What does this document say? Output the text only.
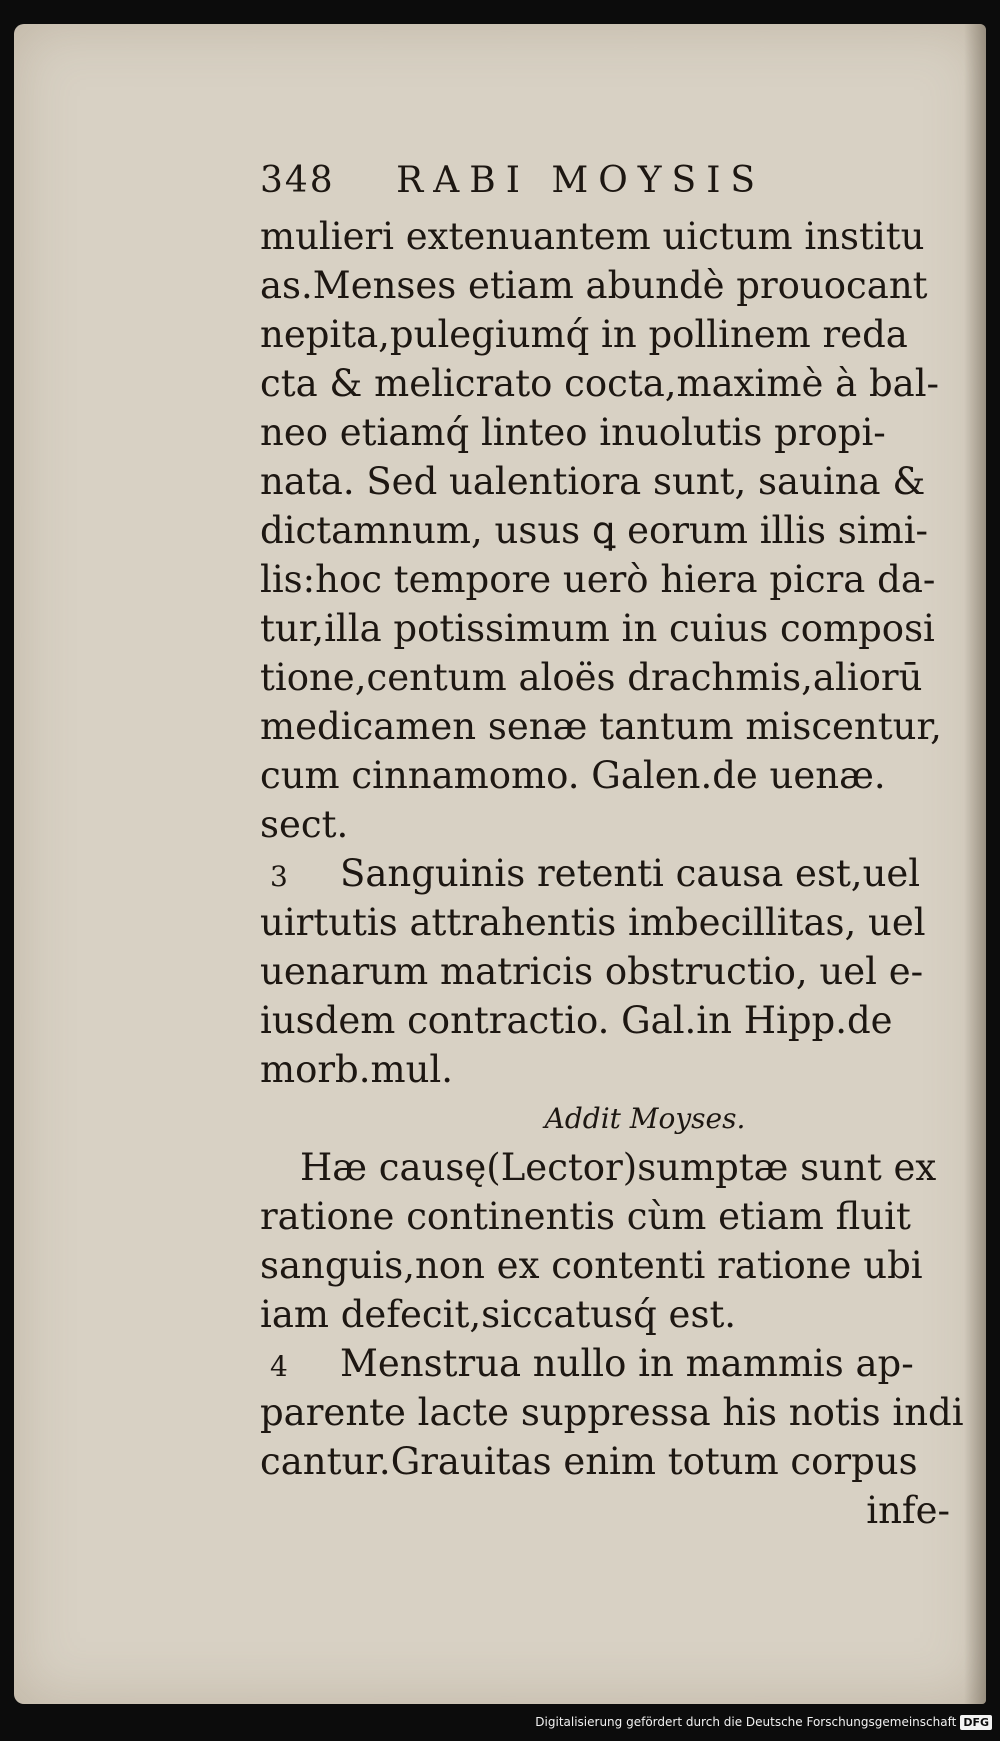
348 RABI MOYSIS
mulieri extenuantem uictum institu
as.Menses etiam abundè prouocant
nepita,pulegiumq́ in pollinem reda
cta & melicrato cocta,maximè à bal-
neo etiamq́ linteo inuolutis propi-
nata. Sed ualentiora sunt, sauina &
dictamnum, usus ꝗ eorum illis simi-
lis:hoc tempore uerò hiera picra da-
tur,illa potissimum in cuius composi
tione,centum aloës drachmis,aliorū
medicamen senæ tantum miscentur,
cum cinnamomo. Galen.de uenæ.
sect.
3 Sanguinis retenti causa est,uel
uirtutis attrahentis imbecillitas, uel
uenarum matricis obstructio, uel e-
iusdem contractio. Gal.in Hipp.de
morb.mul.
Addit Moyses.
Hæ causę(Lector)sumptæ sunt ex
ratione continentis cùm etiam fluit
sanguis,non ex contenti ratione ubi
iam defecit,siccatusq́ est.
4 Menstrua nullo in mammis ap-
parente lacte suppressa his notis indi
cantur.Grauitas enim totum corpus
infe-
Digitalisierung gefördert durch die Deutsche Forschungsgemeinschaft DFG
